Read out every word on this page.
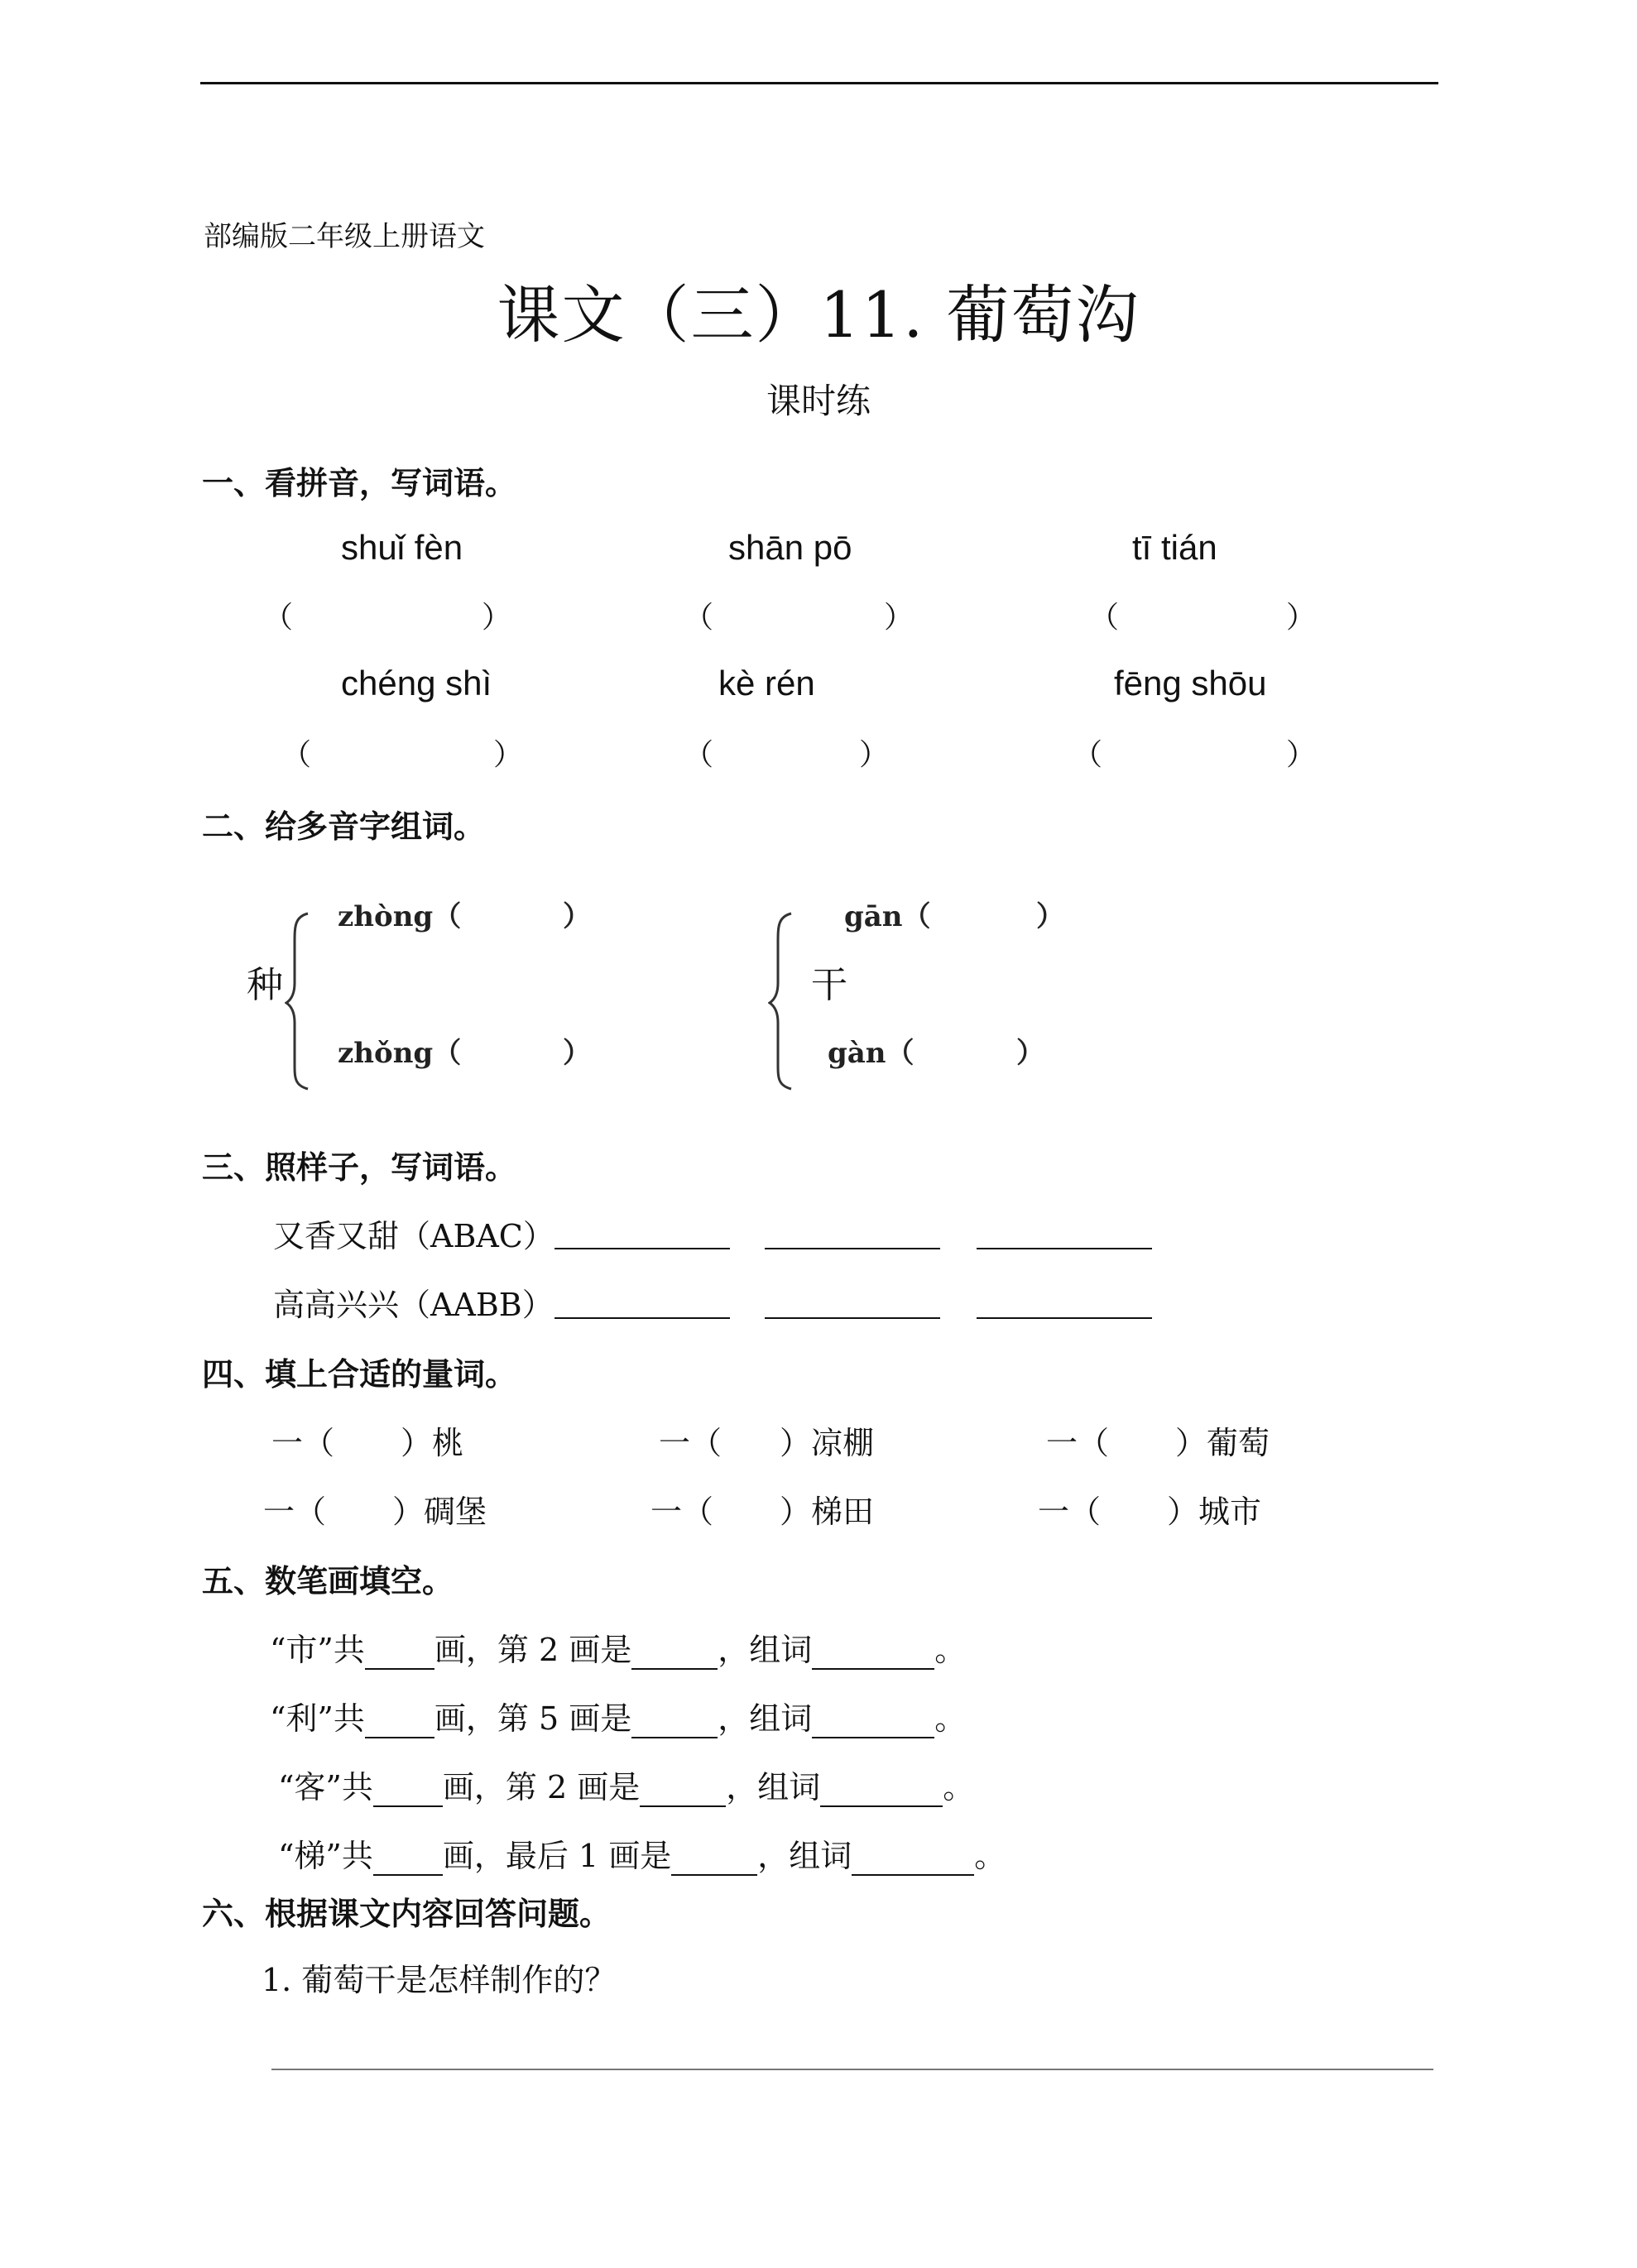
部编版二年级上册语文
课文（三）11. 葡萄沟
课时练
一、看拼音，写词语。
shuǐ fèn	shān pō	tī tián
（	）	（	）	（	）
chéng shì	kè rén	fēng shōu
（	）	（	）	（	）
二、给多音字组词。
种
zhòng（	）
zhǒng（	）
干
gān（	）
gàn（	）
三、照样子，写词语。
又香又甜（ABAC）
高高兴兴（AABB）
四、填上合适的量词。
一（ ）桃	一（ ）凉棚	一（ ）葡萄
一（ ）碉堡	一（ ）梯田	一（ ）城市
五、数笔画填空。
“市”共 画，第 2 画是	，组词	。
“利”共 画，第 5 画是	，组词	。
“客”共 画，第 2 画是	，组词	。
“梯”共 画，最后 1 画是	，组词	。
六、根据课文内容回答问题。
1. 葡萄干是怎样制作的？
